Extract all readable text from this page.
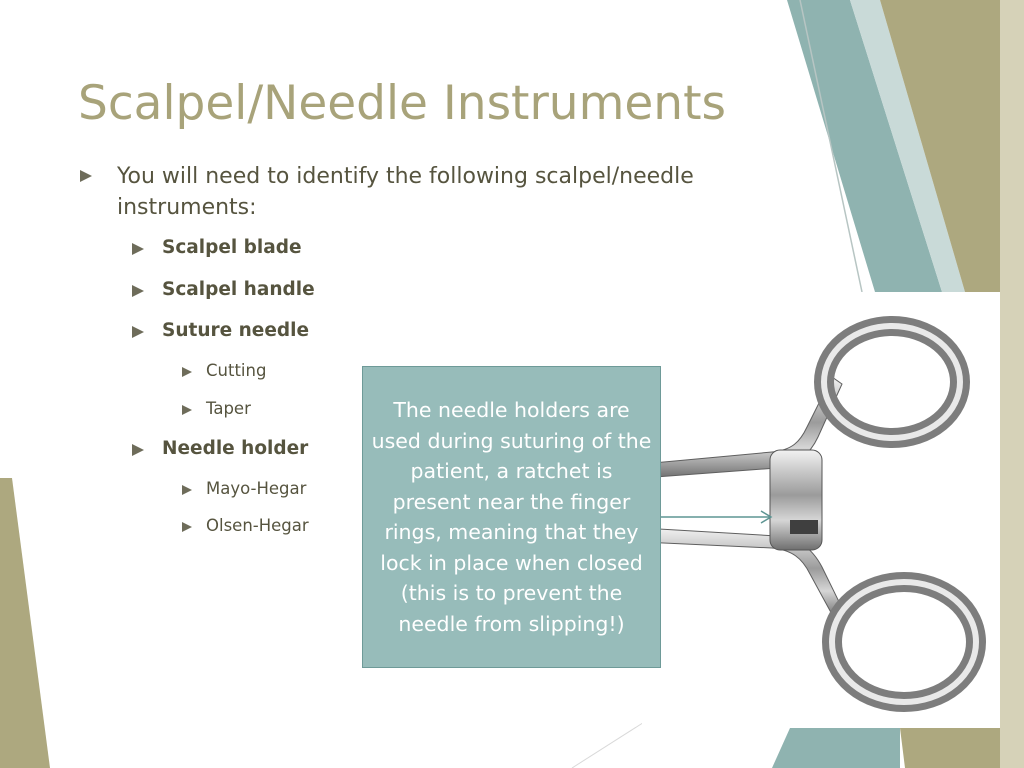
Scalpel/Needle Instruments
You will need to identify the following scalpel/needle
instruments:
Scalpel blade
Scalpel handle
Suture needle
Cutting
Taper
Needle holder
Mayo-Hegar
Olsen-Hegar
The needle holders are used during suturing of the patient, a ratchet is present near the finger rings, meaning that they lock in place when closed (this is to prevent the needle from slipping!)
